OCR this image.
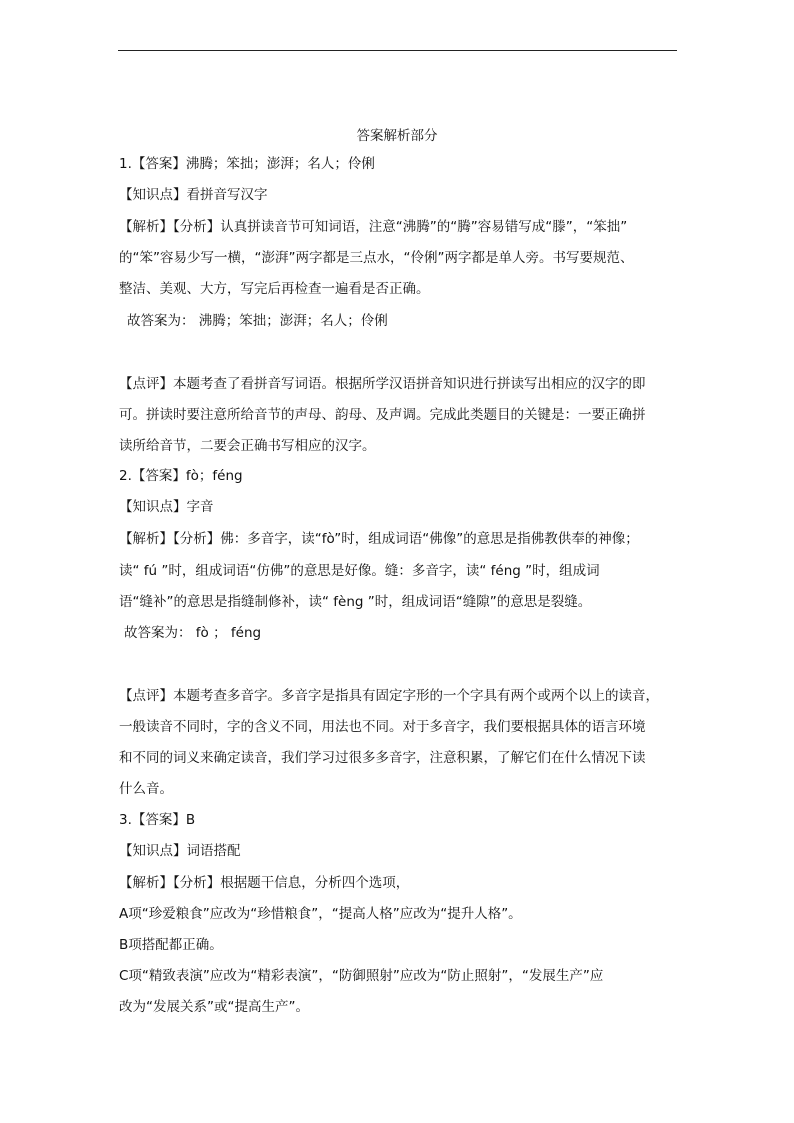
答案解析部分
1.【答案】沸腾；笨拙；澎湃；名人；伶俐
【知识点】看拼音写汉字
【解析】【分析】认真拼读音节可知词语，注意“沸腾”的“腾”容易错写成“滕”，“笨拙”
的“笨”容易少写一横，“澎湃”两字都是三点水，“伶俐”两字都是单人旁。书写要规范、
整洁、美观、大方，写完后再检查一遍看是否正确。
故答案为： 沸腾；笨拙；澎湃；名人；伶俐
【点评】本题考查了看拼音写词语。根据所学汉语拼音知识进行拼读写出相应的汉字的即
可。拼读时要注意所给音节的声母、韵母、及声调。完成此类题目的关键是：一要正确拼
读所给音节，二要会正确书写相应的汉字。
2.【答案】fò；féng
【知识点】字音
【解析】【分析】佛：多音字，读“fò”时，组成词语“佛像”的意思是指佛教供奉的神像；
读“ fú ”时，组成词语“仿佛”的意思是好像。缝：多音字，读“ féng ”时，组成词
语“缝补”的意思是指缝制修补，读“ fèng ”时，组成词语“缝隙”的意思是裂缝。
故答案为： fò ； féng
【点评】本题考查多音字。多音字是指具有固定字形的一个字具有两个或两个以上的读音，
一般读音不同时，字的含义不同，用法也不同。对于多音字，我们要根据具体的语言环境
和不同的词义来确定读音，我们学习过很多多音字，注意积累，了解它们在什么情况下读
什么音。
3.【答案】B
【知识点】词语搭配
【解析】【分析】根据题干信息，分析四个选项，
A项“珍爱粮食”应改为“珍惜粮食”，“提高人格”应改为“提升人格”。
B项搭配都正确。
C项“精致表演”应改为“精彩表演”，“防御照射”应改为“防止照射”，“发展生产”应
改为“发展关系”或“提高生产”。
